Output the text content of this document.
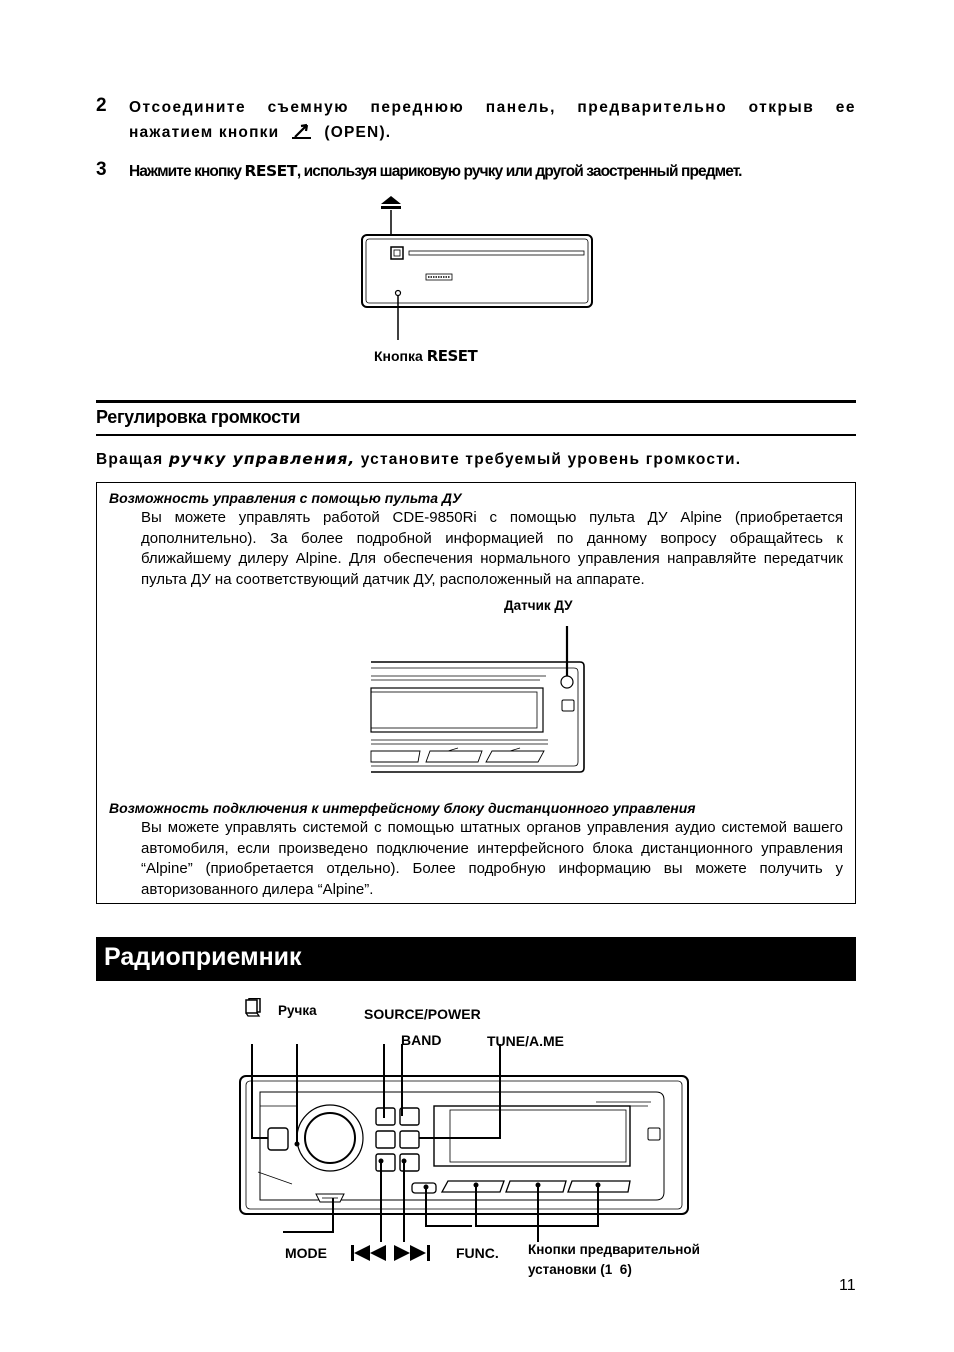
2 Отсоедините съемную переднюю панель, предварительно открыв ее
нажатием кнопки	(OPEN).
3 Нажмите кнопку RESET, используя шариковую ручку или другой заостренный предмет.
Кнопка RESET
Регулировка громкости
Вращая ручку управления, установите требуемый уровень громкости.
Возможность управления с помощью пульта ДУ
Вы можете управлять работой CDE-9850Ri с помощью пульта ДУ Alpine (приобретается дополнительно). За более подробной информацией по данному вопросу обращайтесь к ближайшему дилеру Alpine. Для обеспечения нормального управления направляйте передатчик пульта ДУ на соответствующий датчик ДУ, расположенный на аппарате.
Датчик ДУ
Возможность подключения к интерфейсному блоку дистанционного управления
Вы можете управлять системой с помощью штатных органов управления аудио системой вашего автомобиля, если произведено подключение интерфейсного блока дистанционного управления “Alpine” (приобретается отдельно). Более подробную информацию вы можете получить у авторизованного дилера “Alpine”.
Радиоприемник
Ручка	SOURCE/POWER
BAND	TUNE/A.ME
MODE	FUNC. Кнопки предварительной
установки (1  6)
11
